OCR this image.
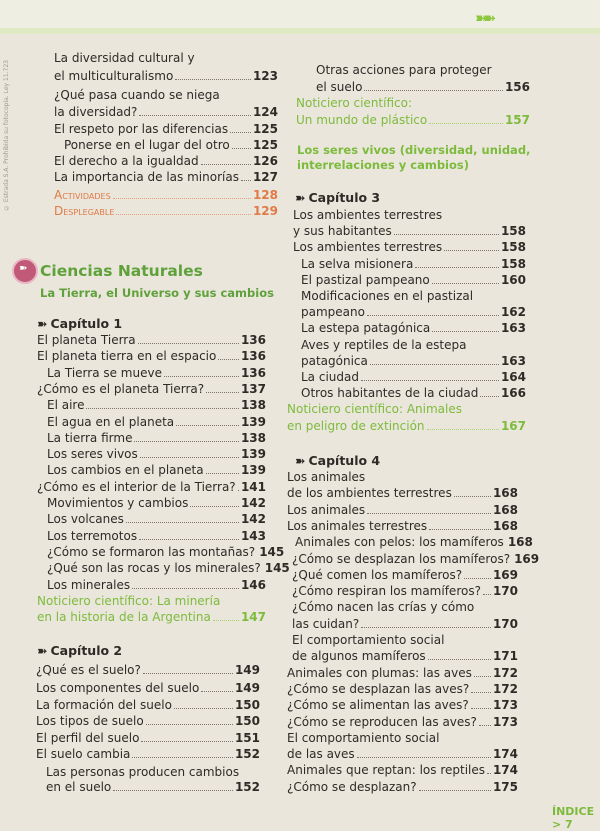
➽➽
© Estrada S.A. Prohibida su fotocopia. Ley 11.723
La diversidad cultural y
el multiculturalismo	123
¿Qué pasa cuando se niega
la diversidad?	124
El respeto por las diferencias 125
Ponerse en el lugar del otro 125
El derecho a la igualdad	126
La importancia de las minorías 127
Actividades	128
Desplegable	129
El planeta Tierra	136
El planeta tierra en el espacio 136
La Tierra se mueve	136
¿Cómo es el planeta Tierra?	137
El aire	138
El agua en el planeta	139
La tierra firme	138
Los seres vivos	139
Los cambios en el planeta	139
¿Cómo es el interior de la Tierra? 141
Movimientos y cambios	142
Los volcanes	142
Los terremotos	143
¿Cómo se formaron las montañas? 145
¿Qué son las rocas y los minerales? 145
Los minerales	146
Noticiero científico: La minería
en la historia de la Argentina	147
¿Qué es el suelo?	149
Los componentes del suelo	149
La formación del suelo	150
Los tipos de suelo	150
El perfil del suelo	151
El suelo cambia	152
Las personas producen cambios
en el suelo	152
Otras acciones para proteger
el suelo	156
Noticiero científico:
Un mundo de plástico	157
Los ambientes terrestres
y sus habitantes	158
Los ambientes terrestres	158
La selva misionera	158
El pastizal pampeano	160
Modificaciones en el pastizal
pampeano	162
La estepa patagónica	163
Aves y reptiles de la estepa
patagónica	163
La ciudad	164
Otros habitantes de la ciudad 166
Noticiero científico: Animales
en peligro de extinción	167
Los animales
de los ambientes terrestres	168
Los animales	168
Los animales terrestres	168
Animales con pelos: los mamíferos 168
¿Cómo se desplazan los mamíferos? 169
¿Qué comen los mamíferos?	169
¿Cómo respiran los mamíferos? 170
¿Cómo nacen las crías y cómo
las cuidan?	170
El comportamiento social
de algunos mamíferos	171
Animales con plumas: las aves 172
¿Cómo se desplazan las aves? 172
¿Cómo se alimentan las aves? 173
¿Cómo se reproducen las aves? 173
El comportamiento social
de las aves	174
Animales que reptan: los reptiles 174
¿Cómo se desplazan?	175
➽ Ciencias Naturales
La Tierra, el Universo y sus cambios
Los seres vivos (diversidad, unidad,
interrelaciones y cambios)
➽ Capítulo 1
➽ Capítulo 2
➽ Capítulo 3
➽ Capítulo 4
ÍNDICE > 7
